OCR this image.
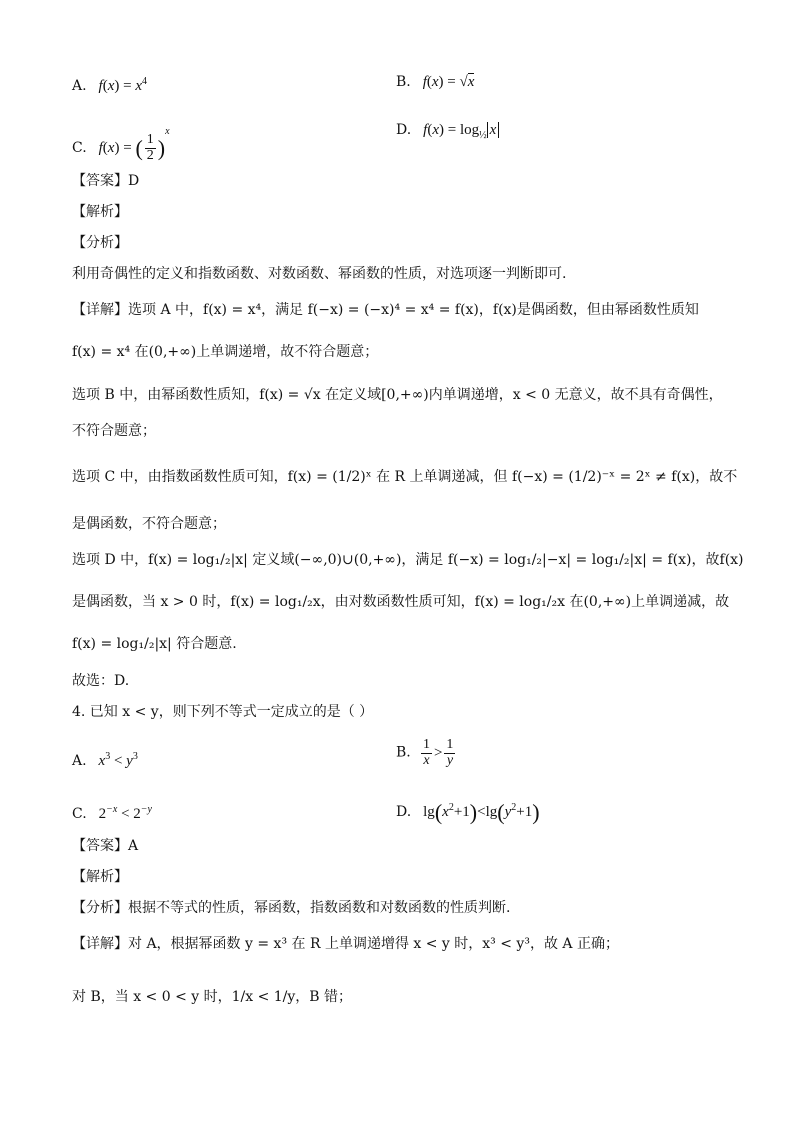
A.   $f(x) = x^4$	B.   f(x) = √x
C.   f(x) = ( $\frac{1}{2} )^x$	D.   $f(x) = \log_{\frac{1}{2}} x$
【答案】D
【解析】
【分析】
利用奇偶性的定义和指数函数、对数函数、幂函数的性质，对选项逐一判断即可.
【详解】选项 A 中，f(x) = x⁴，满足 f(−x) = (−x)⁴ = x⁴ = f(x)，f(x)是偶函数，但由幂函数性质知
f(x) = x⁴ 在(0,+∞)上单调递增，故不符合题意；
选项 B 中，由幂函数性质知，f(x) = √x 在定义域[0,+∞)内单调递增，x < 0 无意义，故不具有奇偶性，
不符合题意；
选项 C 中，由指数函数性质可知，f(x) = (1/2)ˣ 在 R 上单调递减，但 f(−x) = (1/2)⁻ˣ = 2ˣ ≠ f(x)，故不
是偶函数，不符合题意；
选项 D 中，f(x) = log₁/₂|x| 定义域(−∞,0)∪(0,+∞)，满足 f(−x) = log₁/₂|−x| = log₁/₂|x| = f(x)，故f(x)
是偶函数，当 x > 0 时，f(x) = log₁/₂x，由对数函数性质可知，f(x) = log₁/₂x 在(0,+∞)上单调递减，故
f(x) = log₁/₂|x| 符合题意.
故选：D.
4. 已知 x < y，则下列不等式一定成立的是（ ）
A.   $x^3 < y^3$	B. $\frac{1}{x} > \frac{1}{y}$
C. $2^{-x} < 2^{-y}$	D. $\lg(x^2+1)<\lg(y^2+1)$
【答案】A
【解析】
【分析】根据不等式的性质，幂函数，指数函数和对数函数的性质判断.
【详解】对 A，根据幂函数 y = x³ 在 R 上单调递增得 x < y 时，x³ < y³，故 A 正确；
对 B，当 x < 0 < y 时，1/x < 1/y，B 错；
